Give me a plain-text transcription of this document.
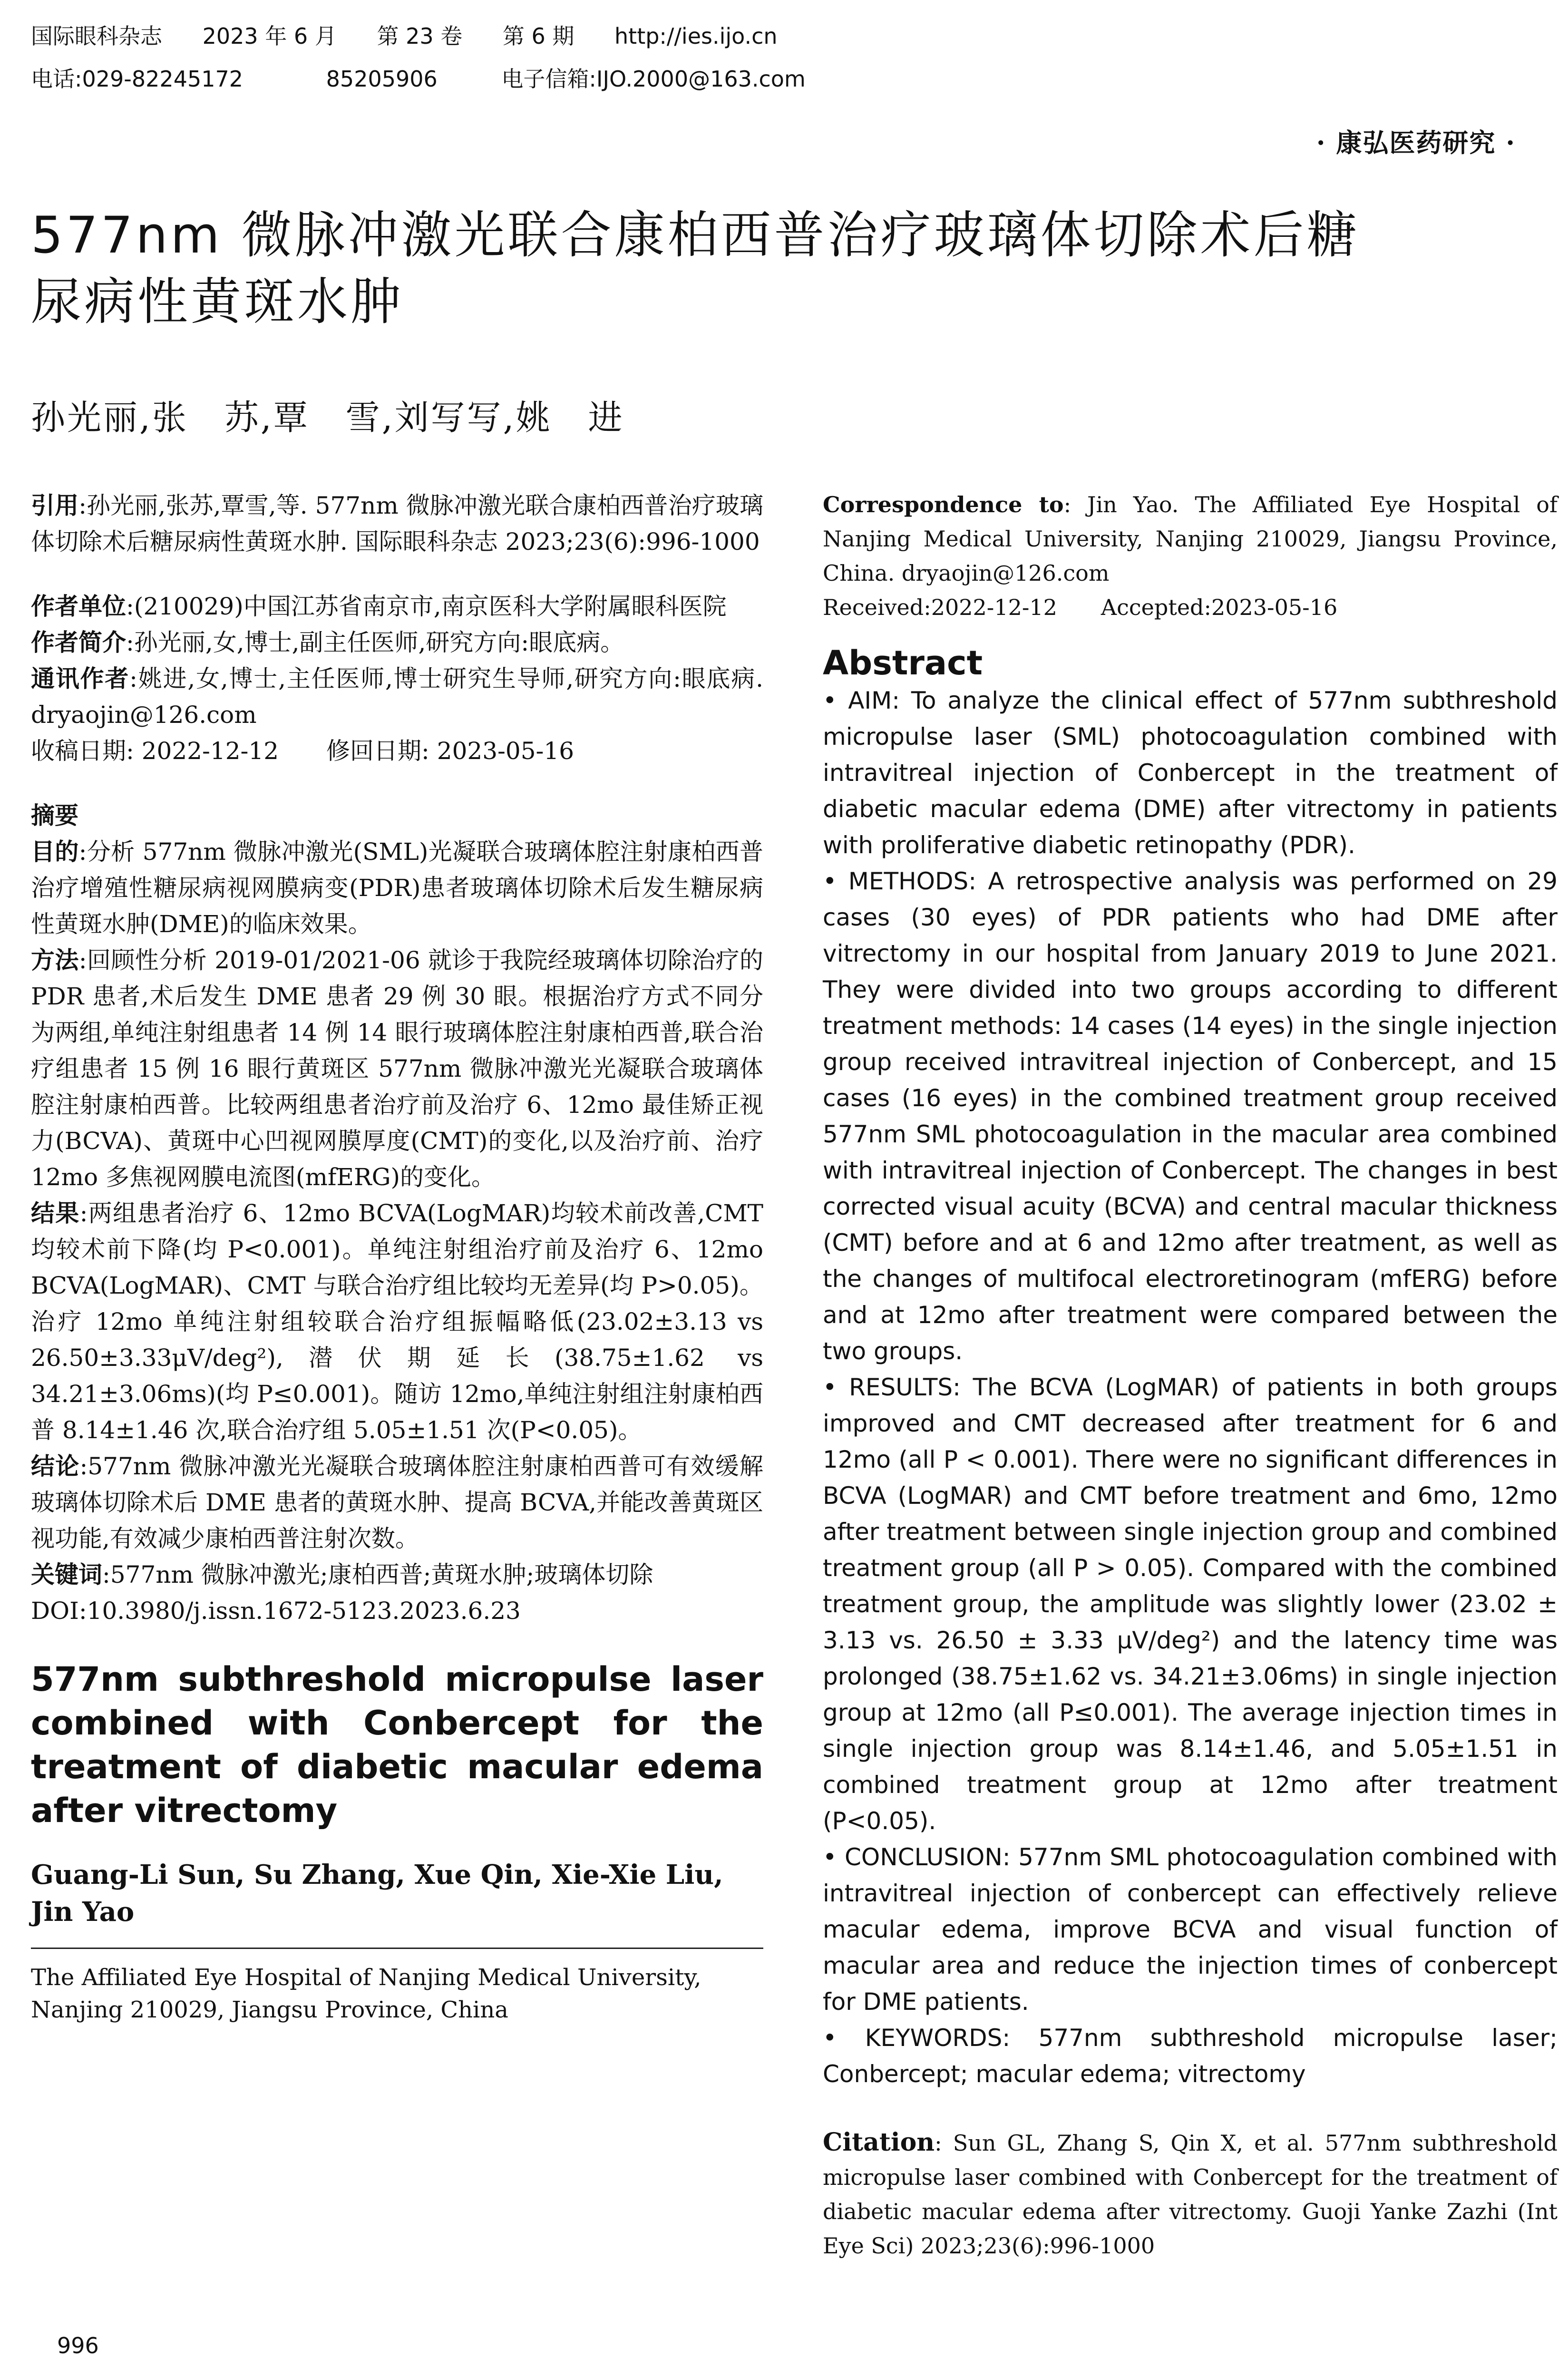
国际眼科杂志 2023 年 6 月 第 23 卷 第 6 期 http://ies.ijo.cn
电话:029-82245172	85205906	电子信箱:IJO.2000@163.com
· 康弘医药研究 ·
577nm 微脉冲激光联合康柏西普治疗玻璃体切除术后糖
尿病性黄斑水肿
孙光丽,张　苏,覃　雪,刘写写,姚　进

引用:孙光丽,张苏,覃雪,等. 577nm 微脉冲激光联合康柏西普治疗玻璃体切除术后糖尿病性黄斑水肿. 国际眼科杂志 2023;23(6):996-1000

作者单位:(210029)中国江苏省南京市,南京医科大学附属眼科医院

作者简介:孙光丽,女,博士,副主任医师,研究方向:眼底病。

通讯作者:姚进,女,博士,主任医师,博士研究生导师,研究方向:眼底病. dryaojin@126.com

收稿日期: 2022-12-12　　修回日期: 2023-05-16

摘要

目的:分析 577nm 微脉冲激光(SML)光凝联合玻璃体腔注射康柏西普治疗增殖性糖尿病视网膜病变(PDR)患者玻璃体切除术后发生糖尿病性黄斑水肿(DME)的临床效果。

方法:回顾性分析 2019-01/2021-06 就诊于我院经玻璃体切除治疗的 PDR 患者,术后发生 DME 患者 29 例 30 眼。根据治疗方式不同分为两组,单纯注射组患者 14 例 14 眼行玻璃体腔注射康柏西普,联合治疗组患者 15 例 16 眼行黄斑区 577nm 微脉冲激光光凝联合玻璃体腔注射康柏西普。比较两组患者治疗前及治疗 6、12mo 最佳矫正视力(BCVA)、黄斑中心凹视网膜厚度(CMT)的变化,以及治疗前、治疗 12mo 多焦视网膜电流图(mfERG)的变化。

结果:两组患者治疗 6、12mo BCVA(LogMAR)均较术前改善,CMT 均较术前下降(均 P<0.001)。单纯注射组治疗前及治疗 6、12mo BCVA(LogMAR)、CMT 与联合治疗组比较均无差异(均 P>0.05)。治疗 12mo 单纯注射组较联合治疗组振幅略低(23.02±3.13 vs 26.50±3.33μV/deg²),潜伏期延长(38.75±1.62 vs 34.21±3.06ms)(均 P≤0.001)。随访 12mo,单纯注射组注射康柏西普 8.14±1.46 次,联合治疗组 5.05±1.51 次(P<0.05)。

结论:577nm 微脉冲激光光凝联合玻璃体腔注射康柏西普可有效缓解玻璃体切除术后 DME 患者的黄斑水肿、提高 BCVA,并能改善黄斑区视功能,有效减少康柏西普注射次数。

关键词:577nm 微脉冲激光;康柏西普;黄斑水肿;玻璃体切除

DOI:10.3980/j.issn.1672-5123.2023.6.23

577nm subthreshold micropulse laser combined with Conbercept for the treatment of diabetic macular edema after vitrectomy
Guang-Li Sun, Su Zhang, Xue Qin, Xie-Xie Liu, Jin Yao
The Affiliated Eye Hospital of Nanjing Medical University, Nanjing 210029, Jiangsu Province, China

Correspondence to: Jin Yao. The Affiliated Eye Hospital of Nanjing Medical University, Nanjing 210029, Jiangsu Province, China. dryaojin@126.com

Received:2022-12-12　　Accepted:2023-05-16

Abstract

• AIM: To analyze the clinical effect of 577nm subthreshold micropulse laser (SML) photocoagulation combined with intravitreal injection of Conbercept in the treatment of diabetic macular edema (DME) after vitrectomy in patients with proliferative diabetic retinopathy (PDR).

• METHODS: A retrospective analysis was performed on 29 cases (30 eyes) of PDR patients who had DME after vitrectomy in our hospital from January 2019 to June 2021. They were divided into two groups according to different treatment methods: 14 cases (14 eyes) in the single injection group received intravitreal injection of Conbercept, and 15 cases (16 eyes) in the combined treatment group received 577nm SML photocoagulation in the macular area combined with intravitreal injection of Conbercept. The changes in best corrected visual acuity (BCVA) and central macular thickness (CMT) before and at 6 and 12mo after treatment, as well as the changes of multifocal electroretinogram (mfERG) before and at 12mo after treatment were compared between the two groups.

• RESULTS: The BCVA (LogMAR) of patients in both groups improved and CMT decreased after treatment for 6 and 12mo (all P < 0.001). There were no significant differences in BCVA (LogMAR) and CMT before treatment and 6mo, 12mo after treatment between single injection group and combined treatment group (all P > 0.05). Compared with the combined treatment group, the amplitude was slightly lower (23.02 ± 3.13 vs. 26.50 ± 3.33 μV/deg²) and the latency time was prolonged (38.75±1.62 vs. 34.21±3.06ms) in single injection group at 12mo (all P≤0.001). The average injection times in single injection group was 8.14±1.46, and 5.05±1.51 in combined treatment group at 12mo after treatment (P<0.05).

• CONCLUSION: 577nm SML photocoagulation combined with intravitreal injection of conbercept can effectively relieve macular edema, improve BCVA and visual function of macular area and reduce the injection times of conbercept for DME patients.

• KEYWORDS: 577nm subthreshold micropulse laser; Conbercept; macular edema; vitrectomy

Citation: Sun GL, Zhang S, Qin X, et al. 577nm subthreshold micropulse laser combined with Conbercept for the treatment of diabetic macular edema after vitrectomy. Guoji Yanke Zazhi (Int Eye Sci) 2023;23(6):996-1000

996
